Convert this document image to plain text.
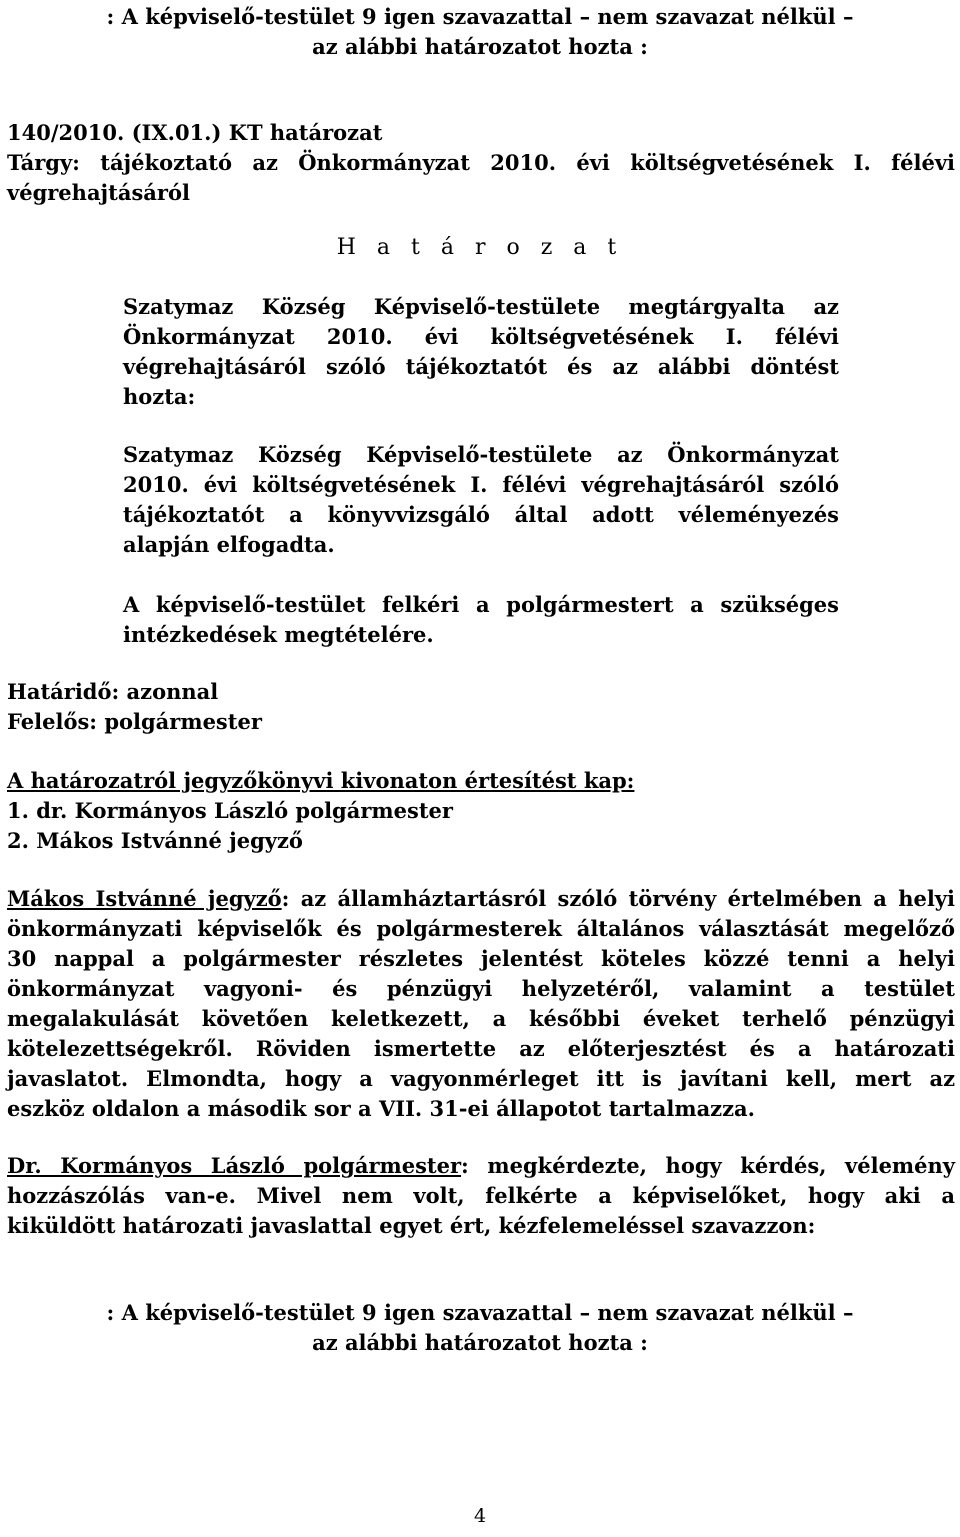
: A képviselő-testület 9 igen szavazattal – nem szavazat nélkül –
az alábbi határozatot hozta :
140/2010. (IX.01.) KT határozat
Tárgy: tájékoztató az Önkormányzat 2010. évi költségvetésének I. félévi
végrehajtásáról
H a t á r o z a t

Szatymaz Község Képviselő-testülete megtárgyalta az

Önkormányzat 2010. évi költségvetésének I. félévi

végrehajtásáról szóló tájékoztatót és az alábbi döntést

hozta:

Szatymaz Község Képviselő-testülete az Önkormányzat

2010. évi költségvetésének I. félévi végrehajtásáról szóló

tájékoztatót a könyvvizsgáló által adott véleményezés

alapján elfogadta.

A képviselő-testület felkéri a polgármestert a szükséges

intézkedések megtételére.

Határidő: azonnal
Felelős: polgármester
A határozatról jegyzőkönyvi kivonaton értesítést kap:
1. dr. Kormányos László polgármester
2. Mákos Istvánné jegyző

Mákos Istvánné jegyző: az államháztartásról szóló törvény értelmében a helyi

önkormányzati képviselők és polgármesterek általános választását megelőző

30 nappal a polgármester részletes jelentést köteles közzé tenni a helyi

önkormányzat vagyoni- és pénzügyi helyzetéről, valamint a testület

megalakulását követően keletkezett, a későbbi éveket terhelő pénzügyi

kötelezettségekről. Röviden ismertette az előterjesztést és a határozati

javaslatot. Elmondta, hogy a vagyonmérleget itt is javítani kell, mert az

eszköz oldalon a második sor a VII. 31-ei állapotot tartalmazza.

Dr. Kormányos László polgármester: megkérdezte, hogy kérdés, vélemény

hozzászólás van-e. Mivel nem volt, felkérte a képviselőket, hogy aki a

kiküldött határozati javaslattal egyet ért, kézfelemeléssel szavazzon:

: A képviselő-testület 9 igen szavazattal – nem szavazat nélkül –
az alábbi határozatot hozta :
4
